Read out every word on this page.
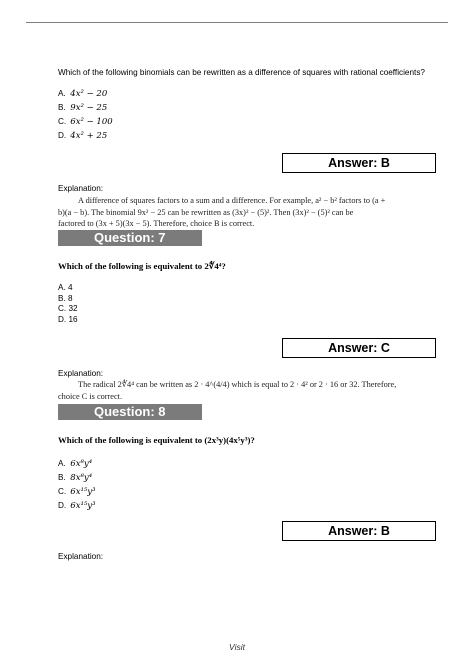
Which of the following binomials can be rewritten as a difference of squares with rational coefficients?
A. 4x² − 20
B. 9x² − 25
C. 6x² − 100
D. 4x² + 25
Answer: B
Explanation:
A difference of squares factors to a sum and a difference. For example, a² − b² factors to (a +
b)(a − b). The binomial 9x² − 25 can be rewritten as (3x)² − (5)². Then (3x)² − (5)² can be
factored to (3x + 5)(3x − 5). Therefore, choice B is correct.
Question: 7
Which of the following is equivalent to 2∜4⁴?
A. 4
B. 8
C. 32
D. 16
Answer: C
Explanation:
The radical 2∜4⁴ can be written as 2 · 4^(4/4) which is equal to 2 · 4² or 2 · 16 or 32. Therefore,
choice C is correct.
Question: 8
Which of the following is equivalent to (2x³y)(4x⁵y³)?
A. 6x⁸y⁴
B. 8x⁸y⁴
C. 6x¹⁵y³
D. 6x¹⁵y³
Answer: B
Explanation:
Visit
